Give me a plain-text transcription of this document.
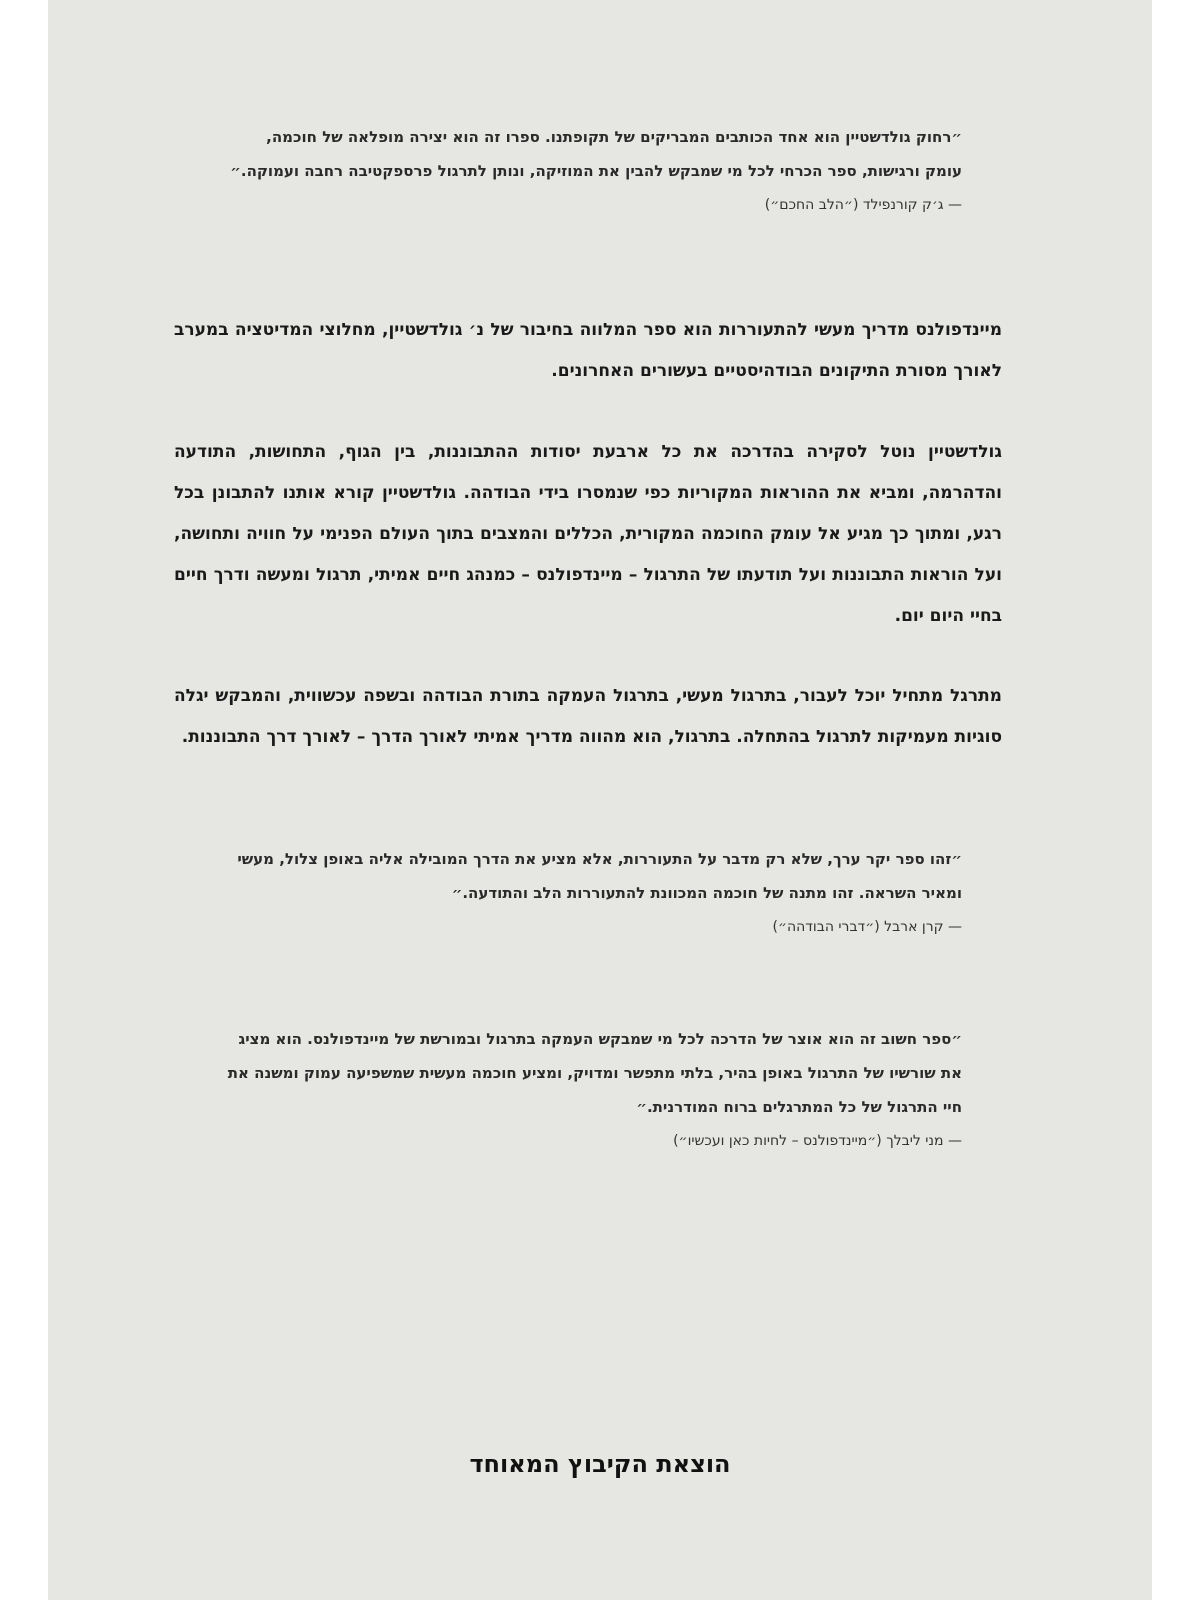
״רחוק גולדשטיין הוא אחד הכותבים המבריקים של תקופתנו. ספרו זה הוא יצירה מופלאה של חוכמה, עומק ורגישות, ספר הכרחי לכל מי שמבקש להבין את המוזיקה, ונותן לתרגול פרספקטיבה רחבה ועמוקה.״

— ג׳ק קורנפילד (״הלב החכם״)

מיינדפולנס מדריך מעשי להתעוררות הוא ספר המלווה בחיבור של נ׳ גולדשטיין, מחלוצי המדיטציה במערב לאורך מסורת התיקונים הבודהיסטיים בעשורים האחרונים.

גולדשטיין נוטל לסקירה בהדרכה את כל ארבעת יסודות ההתבוננות, בין הגוף, התחושות, התודעה והדהרמה, ומביא את ההוראות המקוריות כפי שנמסרו בידי הבודהה. גולדשטיין קורא אותנו להתבונן בכל רגע, ומתוך כך מגיע אל עומק החוכמה המקורית, הכללים והמצבים בתוך העולם הפנימי על חוויה ותחושה, ועל הוראות התבוננות ועל תודעתו של התרגול – מיינדפולנס – כמנהג חיים אמיתי, תרגול ומעשה ודרך חיים בחיי היום יום.

מתרגל מתחיל יוכל לעבור, בתרגול מעשי, בתרגול העמקה בתורת הבודהה ובשפה עכשווית, והמבקש יגלה סוגיות מעמיקות לתרגול בהתחלה. בתרגול, הוא מהווה מדריך אמיתי לאורך הדרך – לאורך דרך התבוננות.

״זהו ספר יקר ערך, שלא רק מדבר על התעוררות, אלא מציע את הדרך המובילה אליה באופן צלול, מעשי ומאיר השראה. זהו מתנה של חוכמה המכוונת להתעוררות הלב והתודעה.״

— קרן ארבל (״דברי הבודהה״)

״ספר חשוב זה הוא אוצר של הדרכה לכל מי שמבקש העמקה בתרגול ובמורשת של מיינדפולנס. הוא מציג את שורשיו של התרגול באופן בהיר, בלתי מתפשר ומדויק, ומציע חוכמה מעשית שמשפיעה עמוק ומשנה את חיי התרגול של כל המתרגלים ברוח המודרנית.״

— מני ליבלך (״מיינדפולנס – לחיות כאן ועכשיו״)

הוצאת הקיבוץ המאוחד
